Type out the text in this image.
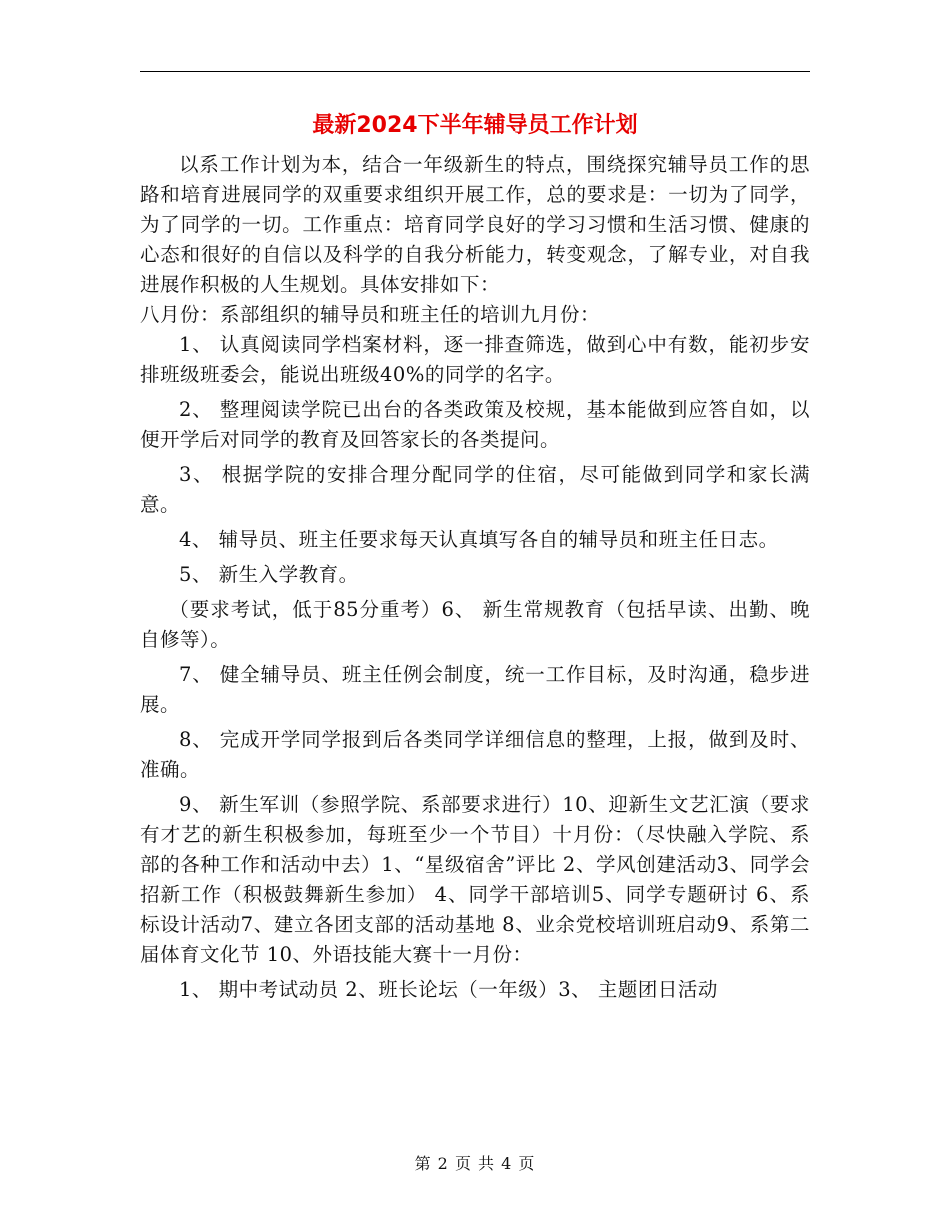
最新2024下半年辅导员工作计划

以系工作计划为本，结合一年级新生的特点，围绕探究辅导员工作的思路和培育进展同学的双重要求组织开展工作，总的要求是：一切为了同学，为了同学的一切。工作重点：培育同学良好的学习习惯和生活习惯、健康的心态和很好的自信以及科学的自我分析能力，转变观念，了解专业，对自我进展作积极的人生规划。具体安排如下：

八月份：系部组织的辅导员和班主任的培训九月份：

1、 认真阅读同学档案材料，逐一排查筛选，做到心中有数，能初步安排班级班委会，能说出班级40%的同学的名字。

2、 整理阅读学院已出台的各类政策及校规，基本能做到应答自如，以便开学后对同学的教育及回答家长的各类提问。

3、 根据学院的安排合理分配同学的住宿，尽可能做到同学和家长满意。

4、 辅导员、班主任要求每天认真填写各自的辅导员和班主任日志。

5、 新生入学教育。

（要求考试，低于85分重考）6、 新生常规教育（包括早读、出勤、晚自修等）。

7、 健全辅导员、班主任例会制度，统一工作目标，及时沟通，稳步进展。

8、 完成开学同学报到后各类同学详细信息的整理，上报，做到及时、准确。

9、 新生军训（参照学院、系部要求进行）10、迎新生文艺汇演（要求有才艺的新生积极参加，每班至少一个节目）十月份：（尽快融入学院、系部的各种工作和活动中去）1、“星级宿舍”评比 2、学风创建活动3、同学会招新工作（积极鼓舞新生参加） 4、同学干部培训5、同学专题研讨 6、系标设计活动7、建立各团支部的活动基地 8、业余党校培训班启动9、系第二届体育文化节 10、外语技能大赛十一月份：

1、 期中考试动员 2、班长论坛（一年级）3、 主题团日活动

第 2 页 共 4 页
